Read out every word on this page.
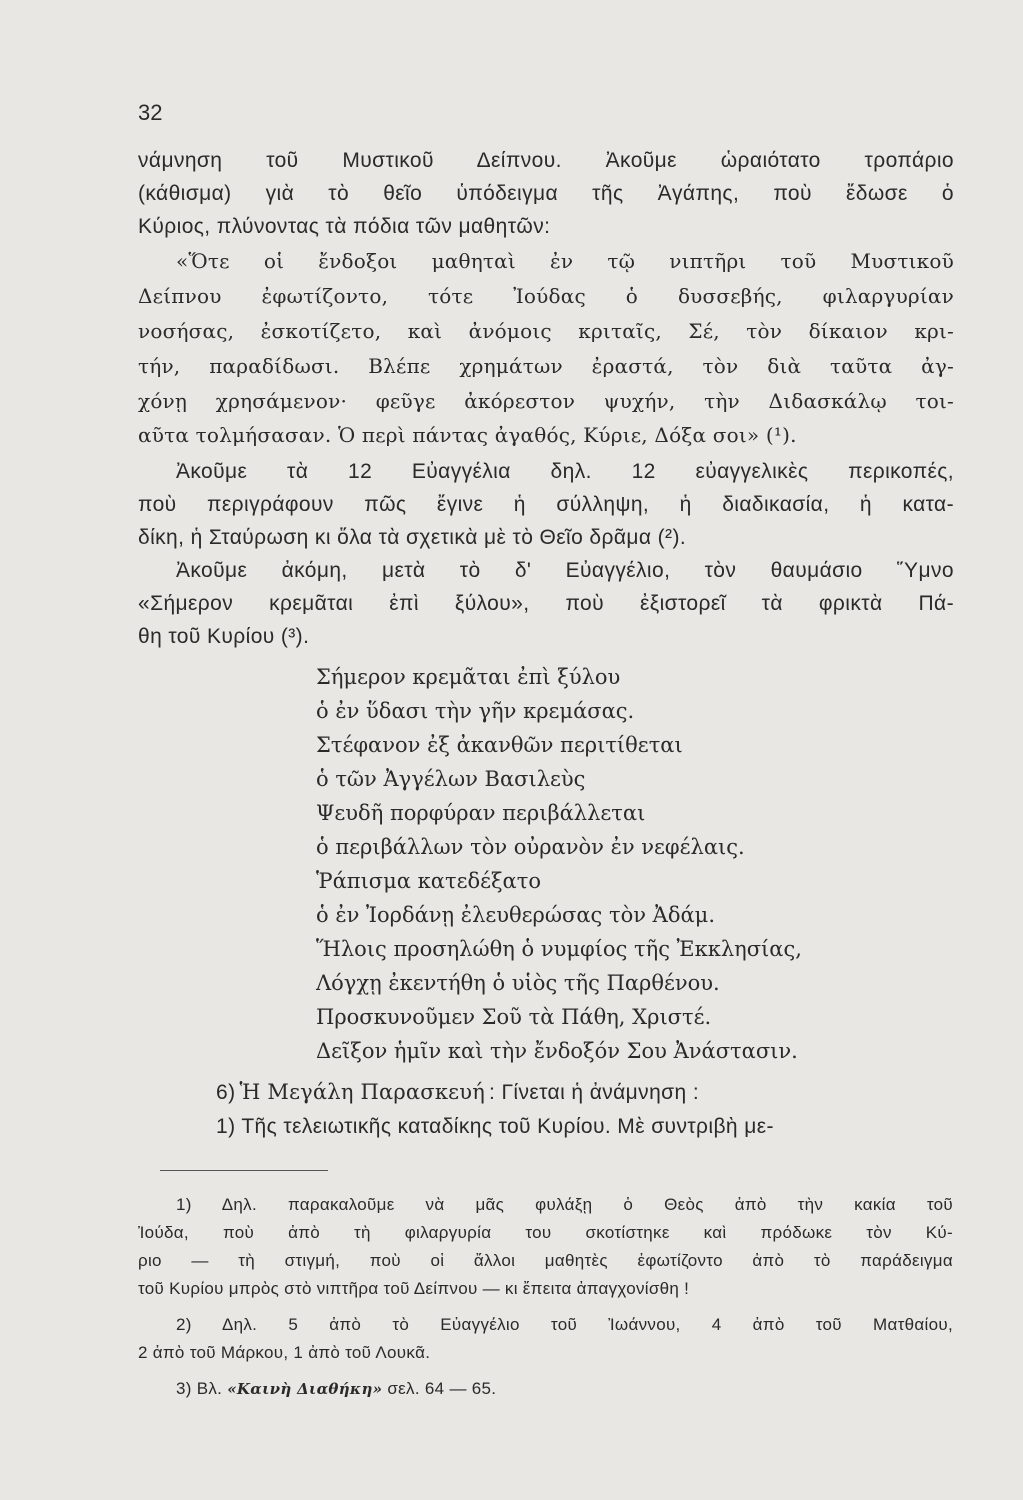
32
νάμνηση τοῦ Μυστικοῦ Δείπνου. Ἀκοῦμε ὡραιότατο τροπάριο
(κάθισμα) γιὰ τὸ θεῖο ὑπόδειγμα τῆς Ἀγάπης, ποὺ ἔδωσε ὁ
Κύριος, πλύνοντας τὰ πόδια τῶν μαθητῶν:
«Ὅτε οἱ ἔνδοξοι μαθηταὶ ἐν τῷ νιπτῆρι τοῦ Μυστικοῦ
Δείπνου ἐφωτίζοντο, τότε Ἰούδας ὁ δυσσεβής, φιλαργυρίαν
νοσήσας, ἐσκοτίζετο, καὶ ἀνόμοις κριταῖς, Σέ, τὸν δίκαιον κρι-
τήν, παραδίδωσι. Βλέπε χρημάτων ἐραστά, τὸν διὰ ταῦτα ἀγ-
χόνῃ χρησάμενον· φεῦγε ἀκόρεστον ψυχήν, τὴν Διδασκάλῳ τοι-
αῦτα τολμήσασαν. Ὁ περὶ πάντας ἀγαθός, Κύριε, Δόξα σοι» (¹).
Ἀκοῦμε τὰ 12 Εὐαγγέλια δηλ. 12 εὐαγγελικὲς περικοπές,
ποὺ περιγράφουν πῶς ἔγινε ἡ σύλληψη, ἡ διαδικασία, ἡ κατα-
δίκη, ἡ Σταύρωση κι ὅλα τὰ σχετικὰ μὲ τὸ Θεῖο δρᾶμα (²).
Ἀκοῦμε ἀκόμη, μετὰ τὸ δ' Εὐαγγέλιο, τὸν θαυμάσιο Ὕμνο
«Σήμερον κρεμᾶται ἐπὶ ξύλου», ποὺ ἐξιστορεῖ τὰ φρικτὰ Πά-
θη τοῦ Κυρίου (³).
Σήμερον κρεμᾶται ἐπὶ ξύλου
ὁ ἐν ὕδασι τὴν γῆν κρεμάσας.
Στέφανον ἐξ ἀκανθῶν περιτίθεται
ὁ τῶν Ἀγγέλων Βασιλεὺς
Ψευδῆ πορφύραν περιβάλλεται
ὁ περιβάλλων τὸν οὐρανὸν ἐν νεφέλαις.
Ῥάπισμα κατεδέξατο
ὁ ἐν Ἰορδάνῃ ἐλευθερώσας τὸν Ἀδάμ.
Ἥλοις προσηλώθη ὁ νυμφίος τῆς Ἐκκλησίας,
Λόγχῃ ἐκεντήθη ὁ υἱὸς τῆς Παρθένου.
Προσκυνοῦμεν Σοῦ τὰ Πάθη, Χριστέ.
Δεῖξον ἡμῖν καὶ τὴν ἔνδοξόν Σου Ἀνάστασιν.
6) Ἡ Μεγάλη Παρασκευή : Γίνεται ἡ ἀνάμνηση :
1) Τῆς τελειωτικῆς καταδίκης τοῦ Κυρίου. Μὲ συντριβὴ με-
1) Δηλ. παρακαλοῦμε νὰ μᾶς φυλάξῃ ὁ Θεὸς ἀπὸ τὴν κακία τοῦ
Ἰούδα, ποὺ ἀπὸ τὴ φιλαργυρία του σκοτίστηκε καὶ πρόδωκε τὸν Κύ-
ριο — τὴ στιγμή, ποὺ οἱ ἄλλοι μαθητὲς ἐφωτίζοντο ἀπὸ τὸ παράδειγμα
τοῦ Κυρίου μπρὸς στὸ νιπτῆρα τοῦ Δείπνου — κι ἔπειτα ἀπαγχονίσθη !
2) Δηλ. 5 ἀπὸ τὸ Εὐαγγέλιο τοῦ Ἰωάννου, 4 ἀπὸ τοῦ Ματθαίου,
2 ἀπὸ τοῦ Μάρκου, 1 ἀπὸ τοῦ Λουκᾶ.
3) Βλ. «Καινὴ Διαθήκη» σελ. 64 — 65.
